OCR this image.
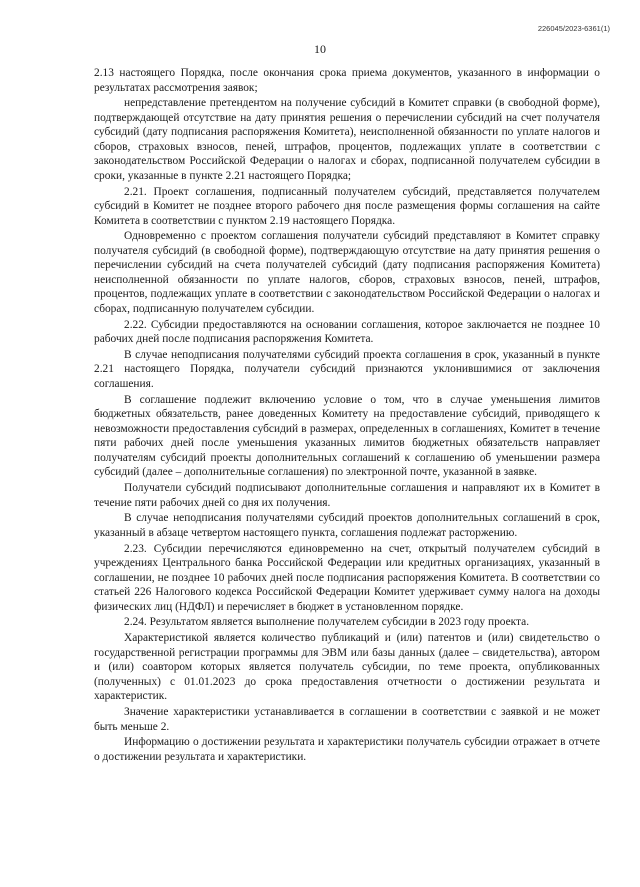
226045/2023-6361(1)
10

2.13 настоящего Порядка, после окончания срока приема документов, указанного в информации о результатах рассмотрения заявок;

непредставление претендентом на получение субсидий в Комитет справки (в свободной форме), подтверждающей отсутствие на дату принятия решения о перечислении субсидий на счет получателя субсидий (дату подписания распоряжения Комитета), неисполненной обязанности по уплате налогов и сборов, страховых взносов, пеней, штрафов, процентов, подлежащих уплате в соответствии с законодательством Российской Федерации о налогах и сборах, подписанной получателем субсидии в сроки, указанные в пункте 2.21 настоящего Порядка;

2.21. Проект соглашения, подписанный получателем субсидий, представляется получателем субсидий в Комитет не позднее второго рабочего дня после размещения формы соглашения на сайте Комитета в соответствии с пунктом 2.19 настоящего Порядка.

Одновременно с проектом соглашения получатели субсидий представляют в Комитет справку получателя субсидий (в свободной форме), подтверждающую отсутствие на дату принятия решения о перечислении субсидий на счета получателей субсидий (дату подписания распоряжения Комитета) неисполненной обязанности по уплате налогов, сборов, страховых взносов, пеней, штрафов, процентов, подлежащих уплате в соответствии с законодательством Российской Федерации о налогах и сборах, подписанную получателем субсидии.

2.22. Субсидии предоставляются на основании соглашения, которое заключается не позднее 10 рабочих дней после подписания распоряжения Комитета.

В случае неподписания получателями субсидий проекта соглашения в срок, указанный в пункте 2.21 настоящего Порядка, получатели субсидий признаются уклонившимися от заключения соглашения.

В соглашение подлежит включению условие о том, что в случае уменьшения лимитов бюджетных обязательств, ранее доведенных Комитету на предоставление субсидий, приводящего к невозможности предоставления субсидий в размерах, определенных в соглашениях, Комитет в течение пяти рабочих дней после уменьшения указанных лимитов бюджетных обязательств направляет получателям субсидий проекты дополнительных соглашений к соглашению об уменьшении размера субсидий (далее – дополнительные соглашения) по электронной почте, указанной в заявке.

Получатели субсидий подписывают дополнительные соглашения и направляют их в Комитет в течение пяти рабочих дней со дня их получения.

В случае неподписания получателями субсидий проектов дополнительных соглашений в срок, указанный в абзаце четвертом настоящего пункта, соглашения подлежат расторжению.

2.23. Субсидии перечисляются единовременно на счет, открытый получателем субсидий в учреждениях Центрального банка Российской Федерации или кредитных организациях, указанный в соглашении, не позднее 10 рабочих дней после подписания распоряжения Комитета. В соответствии со статьей 226 Налогового кодекса Российской Федерации Комитет удерживает сумму налога на доходы физических лиц (НДФЛ) и перечисляет в бюджет в установленном порядке.

2.24. Результатом является выполнение получателем субсидии в 2023 году проекта.

Характеристикой является количество публикаций и (или) патентов и (или) свидетельство о государственной регистрации программы для ЭВМ или базы данных (далее – свидетельства), автором и (или) соавтором которых является получатель субсидии, по теме проекта, опубликованных (полученных) с 01.01.2023 до срока предоставления отчетности о достижении результата и характеристик.

Значение характеристики устанавливается в соглашении в соответствии с заявкой и не может быть меньше 2.

Информацию о достижении результата и характеристики получатель субсидии отражает в отчете о достижении результата и характеристики.
